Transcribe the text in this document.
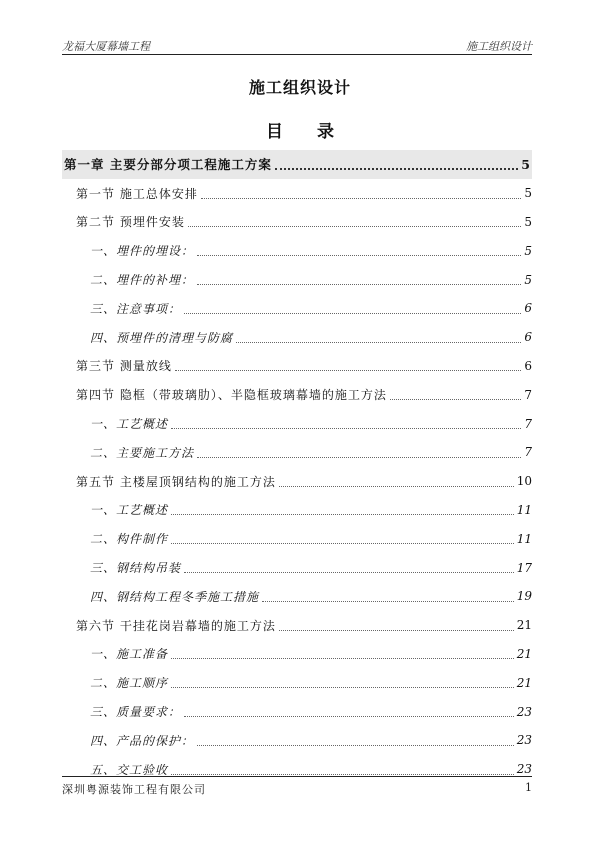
龙福大厦幕墙工程	施工组织设计
施工组织设计
目 录
第一章 主要分部分项工程施工方案	5
第一节 施工总体安排	5
第二节 预埋件安装	5
一、埋件的埋设：	5
二、埋件的补埋：	5
三、注意事项：	6
四、预埋件的清理与防腐	6
第三节 测量放线	6
第四节 隐框（带玻璃肋）、半隐框玻璃幕墙的施工方法	7
一、工艺概述	7
二、主要施工方法	7
第五节 主楼屋顶钢结构的施工方法	10
一、工艺概述	11
二、构件制作	11
三、钢结构吊装	17
四、钢结构工程冬季施工措施	19
第六节 干挂花岗岩幕墙的施工方法	21
一、施工准备	21
二、施工顺序	21
三、质量要求：	23
四、产品的保护：	23
五、交工验收	23
深圳粤源装饰工程有限公司	1
